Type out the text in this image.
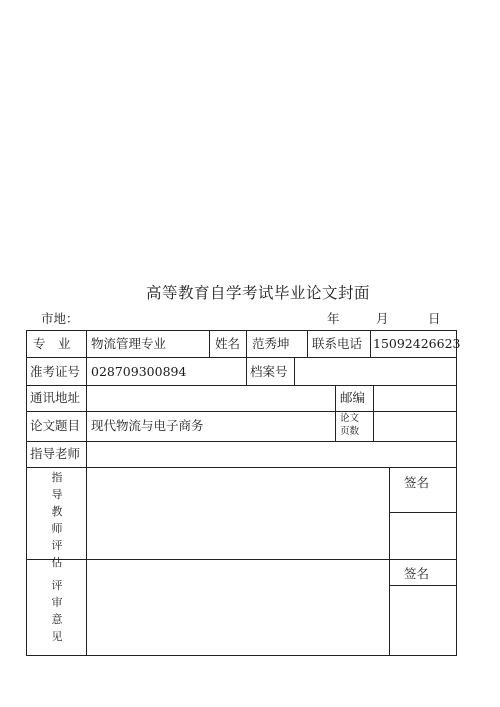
高等教育自学考试毕业论文封面
市地：	年	月	日
专　业 物流管理专业	姓名 范秀坤 联系电话 15092426623
准考证号 028709300894	档案号
通讯地址	邮编
论文题目 现代物流与电子商务	论文
页数
指导老师
指导教师评估
签名
评审意见
签名
